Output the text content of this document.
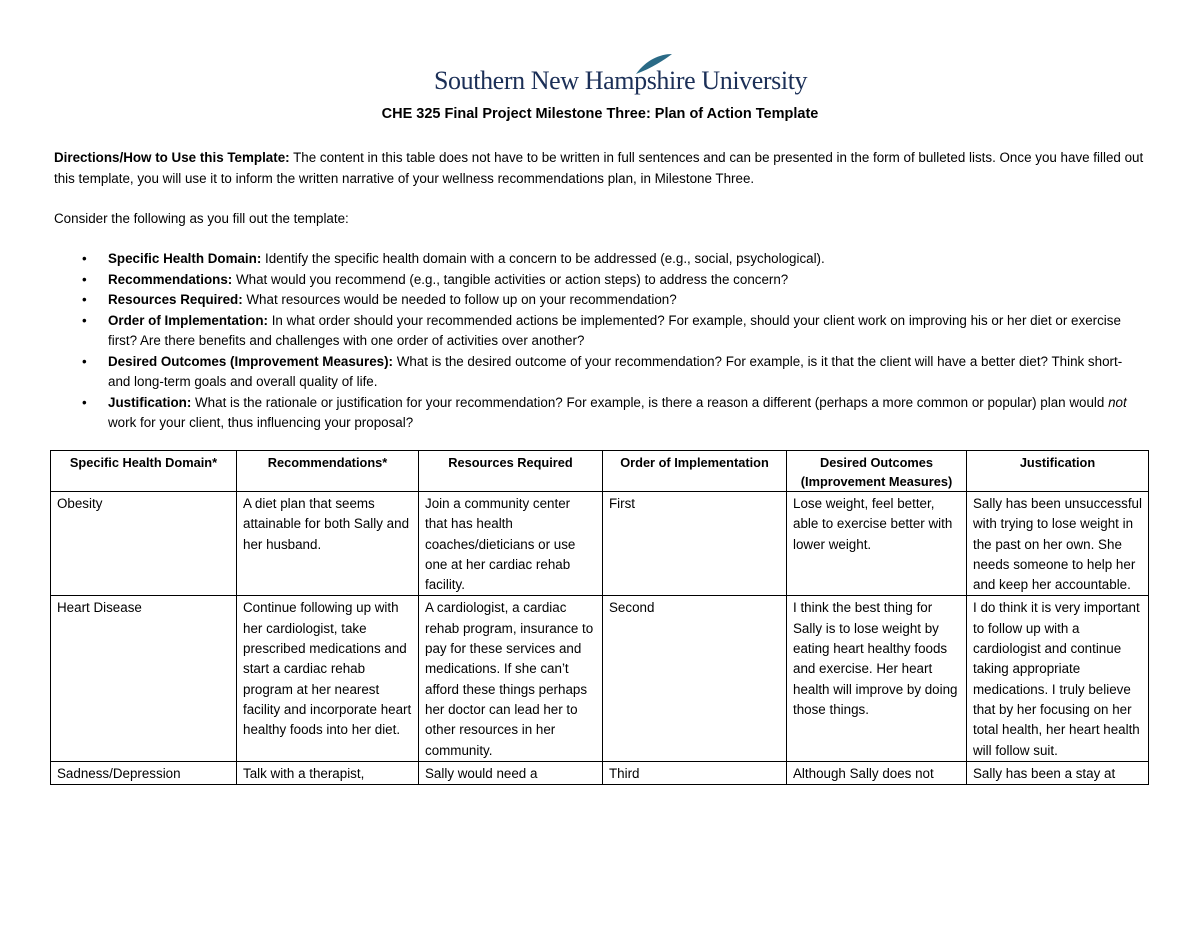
Southern New Hampshire University
CHE 325 Final Project Milestone Three: Plan of Action Template
Directions/How to Use this Template: The content in this table does not have to be written in full sentences and can be presented in the form of bulleted lists. Once you have filled out this template, you will use it to inform the written narrative of your wellness recommendations plan, in Milestone Three.
Consider the following as you fill out the template:
• Specific Health Domain: Identify the specific health domain with a concern to be addressed (e.g., social, psychological).
• Recommendations: What would you recommend (e.g., tangible activities or action steps) to address the concern?
• Resources Required: What resources would be needed to follow up on your recommendation?
• Order of Implementation: In what order should your recommended actions be implemented? For example, should your client work on improving his or her diet or exercise first? Are there benefits and challenges with one order of activities over another?
• Desired Outcomes (Improvement Measures): What is the desired outcome of your recommendation? For example, is it that the client will have a better diet? Think short- and long-term goals and overall quality of life.
• Justification: What is the rationale or justification for your recommendation? For example, is there a reason a different (perhaps a more common or popular) plan would not work for your client, thus influencing your proposal?
Specific Health Domain*	Recommendations*	Resources Required	Order of Implementation	Desired Outcomes (Improvement Measures)	Justification
Obesity	A diet plan that seems attainable for both Sally and her husband.	Join a community center that has health coaches/dieticians or use one at her cardiac rehab facility.	First	Lose weight, feel better, able to exercise better with lower weight.	Sally has been unsuccessful with trying to lose weight in the past on her own. She needs someone to help her and keep her accountable.
Heart Disease	Continue following up with her cardiologist, take prescribed medications and start a cardiac rehab program at her nearest facility and incorporate heart healthy foods into her diet.	A cardiologist, a cardiac rehab program, insurance to pay for these services and medications. If she can’t afford these things perhaps her doctor can lead her to other resources in her community.	Second	I think the best thing for Sally is to lose weight by eating heart healthy foods and exercise. Her heart health will improve by doing those things.	I do think it is very important to follow up with a cardiologist and continue taking appropriate medications. I truly believe that by her focusing on her total health, her heart health will follow suit.
Sadness/Depression	Talk with a therapist,	Sally would need a	Third	Although Sally does not	Sally has been a stay at
